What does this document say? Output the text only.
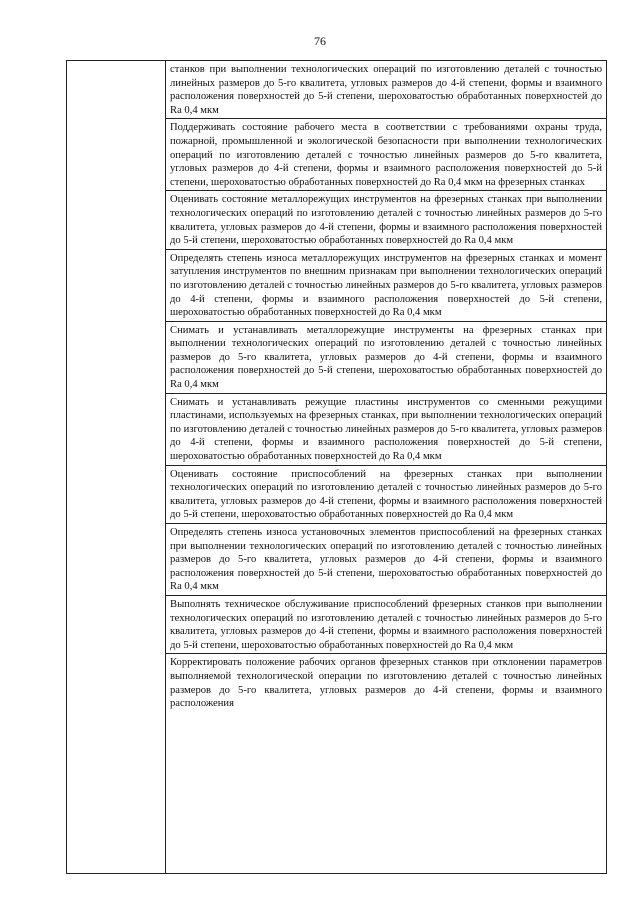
76

станков при выполнении технологических операций по изготовлению деталей с точностью линейных размеров до 5-го квалитета, угловых размеров до 4-й степени, формы и взаимного расположения поверхностей до 5-й степени, шероховатостью обработанных поверхностей до Ra 0,4 мкм
Поддерживать состояние рабочего места в соответствии с требованиями охраны труда, пожарной, промышленной и экологической безопасности при выполнении технологических операций по изготовлению деталей с точностью линейных размеров до 5-го квалитета, угловых размеров до 4-й степени, формы и взаимного расположения поверхностей до 5-й степени, шероховатостью обработанных поверхностей до Ra 0,4 мкм на фрезерных станках
Оценивать состояние металлорежущих инструментов на фрезерных станках при выполнении технологических операций по изготовлению деталей с точностью линейных размеров до 5-го квалитета, угловых размеров до 4-й степени, формы и взаимного расположения поверхностей до 5-й степени, шероховатостью обработанных поверхностей до Ra 0,4 мкм
Определять степень износа металлорежущих инструментов на фрезерных станках и момент затупления инструментов по внешним признакам при выполнении технологических операций по изготовлению деталей с точностью линейных размеров до 5-го квалитета, угловых размеров до 4-й степени, формы и взаимного расположения поверхностей до 5-й степени, шероховатостью обработанных поверхностей до Ra 0,4 мкм
Снимать и устанавливать металлорежущие инструменты на фрезерных станках при выполнении технологических операций по изготовлению деталей с точностью линейных размеров до 5-го квалитета, угловых размеров до 4-й степени, формы и взаимного расположения поверхностей до 5-й степени, шероховатостью обработанных поверхностей до Ra 0,4 мкм
Снимать и устанавливать режущие пластины инструментов со сменными режущими пластинами, используемых на фрезерных станках, при выполнении технологических операций по изготовлению деталей с точностью линейных размеров до 5-го квалитета, угловых размеров до 4-й степени, формы и взаимного расположения поверхностей до 5-й степени, шероховатостью обработанных поверхностей до Ra 0,4 мкм
Оценивать состояние приспособлений на фрезерных станках при выполнении технологических операций по изготовлению деталей с точностью линейных размеров до 5-го квалитета, угловых размеров до 4-й степени, формы и взаимного расположения поверхностей до 5-й степени, шероховатостью обработанных поверхностей до Ra 0,4 мкм
Определять степень износа установочных элементов приспособлений на фрезерных станках при выполнении технологических операций по изготовлению деталей с точностью линейных размеров до 5-го квалитета, угловых размеров до 4-й степени, формы и взаимного расположения поверхностей до 5-й степени, шероховатостью обработанных поверхностей до Ra 0,4 мкм
Выполнять техническое обслуживание приспособлений фрезерных станков при выполнении технологических операций по изготовлению деталей с точностью линейных размеров до 5-го квалитета, угловых размеров до 4-й степени, формы и взаимного расположения поверхностей до 5-й степени, шероховатостью обработанных поверхностей до Ra 0,4 мкм
Корректировать положение рабочих органов фрезерных станков при отклонении параметров выполняемой технологической операции по изготовлению деталей с точностью линейных размеров до 5-го квалитета, угловых размеров до 4-й степени, формы и взаимного расположения
